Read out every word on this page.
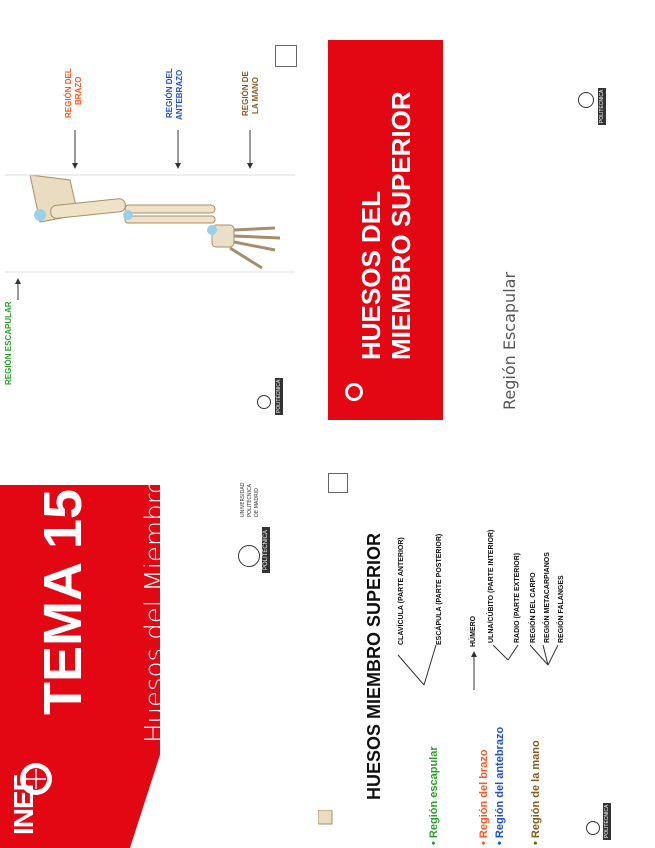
INEF
TEMA 15 Huesos del Miembro SUPerior
POLITÉCNICA
UNIVERSIDAD POLITÉCNICA DE MADRID
REGIÓN ESCAPULAR
REGIÓN DEL BRAZO	REGIÓN DEL ANTEBRAZO	REGIÓN DE LA MANO
POLITÉCNICA
HUESOS MIEMBRO SUPERIOR
• Región escapular
• Región del brazo
• Región del antebrazo
• Región de la mano
CLAVÍCULA (PARTE ANTERIOR)	ESCÁPULA (PARTE POSTERIOR)	HÚMERO ULNA/CÚBITO (PARTE INTERIOR)	RADIO (PARTE EXTERIOR) REGIÓN DEL CARPO REGIÓN METACARPIANOS REGIÓN FALANGES
POLITÉCNICA
HUESOS DEL MIEMBRO SUPERIOR	Región Escapular
POLITÉCNICA
